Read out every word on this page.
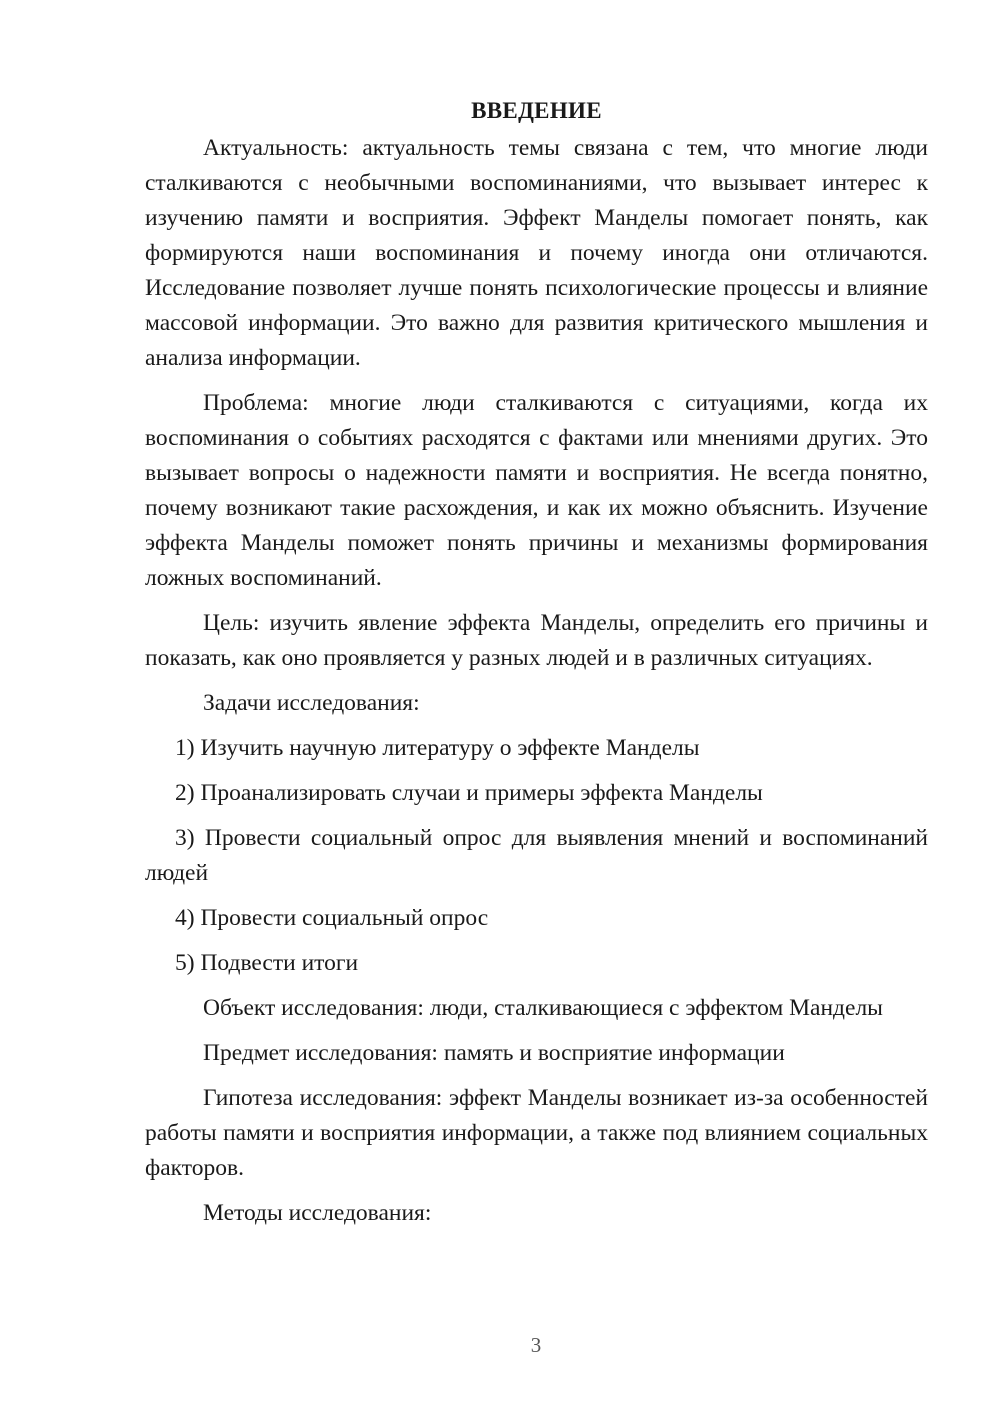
ВВЕДЕНИЕ

Актуальность: актуальность темы связана с тем, что многие люди сталкиваются с необычными воспоминаниями, что вызывает интерес к изучению памяти и восприятия. Эффект Манделы помогает понять, как формируются наши воспоминания и почему иногда они отличаются. Исследование позволяет лучше понять психологические процессы и влияние массовой информации. Это важно для развития критического мышления и анализа информации.

Проблема: многие люди сталкиваются с ситуациями, когда их воспоминания о событиях расходятся с фактами или мнениями других. Это вызывает вопросы о надежности памяти и восприятия. Не всегда понятно, почему возникают такие расхождения, и как их можно объяснить. Изучение эффекта Манделы поможет понять причины и механизмы формирования ложных воспоминаний.

Цель: изучить явление эффекта Манделы, определить его причины и показать, как оно проявляется у разных людей и в различных ситуациях.

Задачи исследования:

1) Изучить научную литературу о эффекте Манделы

2) Проанализировать случаи и примеры эффекта Манделы

3) Провести социальный опрос для выявления мнений и воспоминаний людей

4) Провести социальный опрос

5) Подвести итоги

Объект исследования: люди, сталкивающиеся с эффектом Манделы

Предмет исследования: память и восприятие информации

Гипотеза исследования: эффект Манделы возникает из-за особенностей работы памяти и восприятия информации, а также под влиянием социальных факторов.

Методы исследования:

3
